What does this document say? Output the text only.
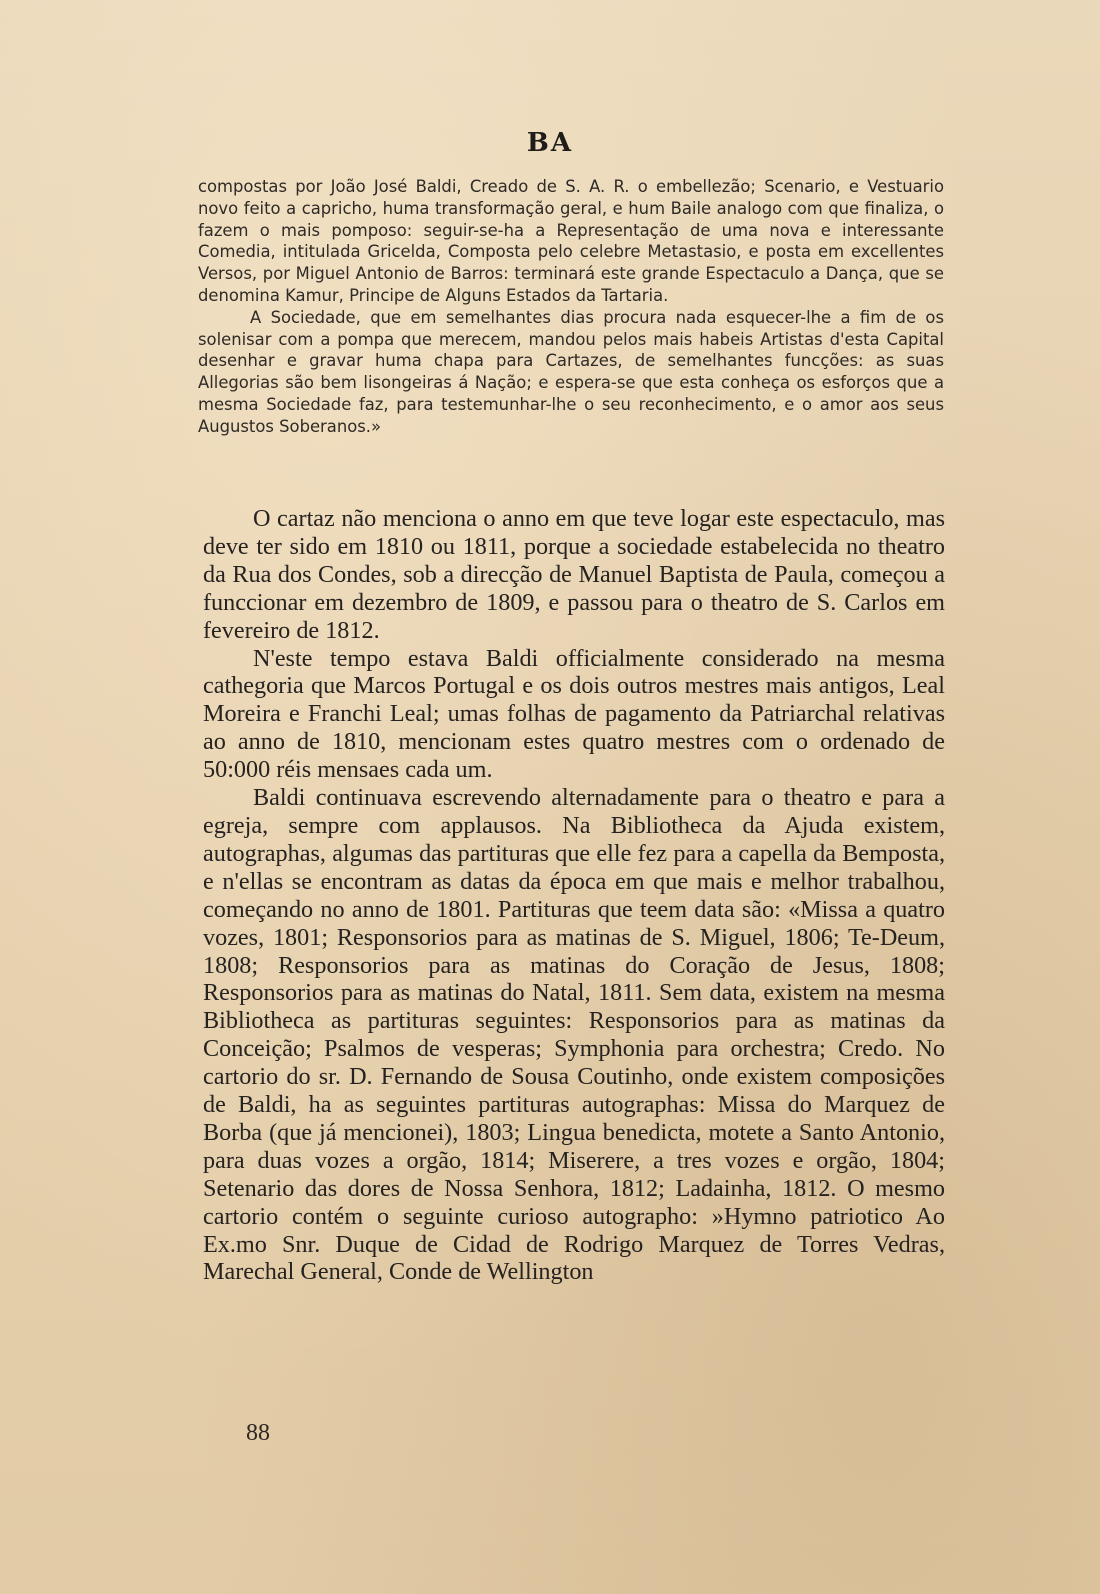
BA

compostas por João José Baldi, Creado de S. A. R. o embellezão; Scenario, e Vestuario novo feito a capricho, huma transformação geral, e hum Baile analogo com que finaliza, o fazem o mais pomposo: seguir-se-ha a Representação de uma nova e interessante Comedia, intitulada Gricelda, Composta pelo celebre Metastasio, e posta em excellentes Versos, por Miguel Antonio de Barros: terminará este grande Espectaculo a Dança, que se denomina Kamur, Principe de Alguns Estados da Tartaria.

A Sociedade, que em semelhantes dias procura nada esquecer-lhe a fim de os solenisar com a pompa que merecem, mandou pelos mais habeis Artistas d'esta Capital desenhar e gravar huma chapa para Cartazes, de semelhantes funcções: as suas Allegorias são bem lisongeiras á Nação; e espera-se que esta conheça os esforços que a mesma Sociedade faz, para testemunhar-lhe o seu reconhecimento, e o amor aos seus Augustos Soberanos.»

O cartaz não menciona o anno em que teve logar este espectaculo, mas deve ter sido em 1810 ou 1811, porque a sociedade estabelecida no theatro da Rua dos Condes, sob a direcção de Manuel Baptista de Paula, começou a funccionar em dezembro de 1809, e passou para o theatro de S. Carlos em fevereiro de 1812.

N'este tempo estava Baldi officialmente considerado na mesma cathegoria que Marcos Portugal e os dois outros mestres mais antigos, Leal Moreira e Franchi Leal; umas folhas de pagamento da Patriarchal relativas ao anno de 1810, mencionam estes quatro mestres com o ordenado de 50:000 réis mensaes cada um.

Baldi continuava escrevendo alternadamente para o theatro e para a egreja, sempre com applausos. Na Bibliotheca da Ajuda existem, autographas, algumas das partituras que elle fez para a capella da Bemposta, e n'ellas se encontram as datas da época em que mais e melhor trabalhou, começando no anno de 1801. Partituras que teem data são: «Missa a quatro vozes, 1801; Responsorios para as matinas de S. Miguel, 1806; Te-Deum, 1808; Responsorios para as matinas do Coração de Jesus, 1808; Responsorios para as matinas do Natal, 1811. Sem data, existem na mesma Bibliotheca as partituras seguintes: Responsorios para as matinas da Conceição; Psalmos de vesperas; Symphonia para orchestra; Credo. No cartorio do sr. D. Fernando de Sousa Coutinho, onde existem composições de Baldi, ha as seguintes partituras autographas: Missa do Marquez de Borba (que já mencionei), 1803; Lingua benedicta, motete a Santo Antonio, para duas vozes a orgão, 1814; Miserere, a tres vozes e orgão, 1804; Setenario das dores de Nossa Senhora, 1812; Ladainha, 1812. O mesmo cartorio contém o seguinte curioso autographo: »Hymno patriotico Ao Ex.mo Snr. Duque de Cidad de Rodrigo Marquez de Torres Vedras, Marechal General, Conde de Wellington

88
